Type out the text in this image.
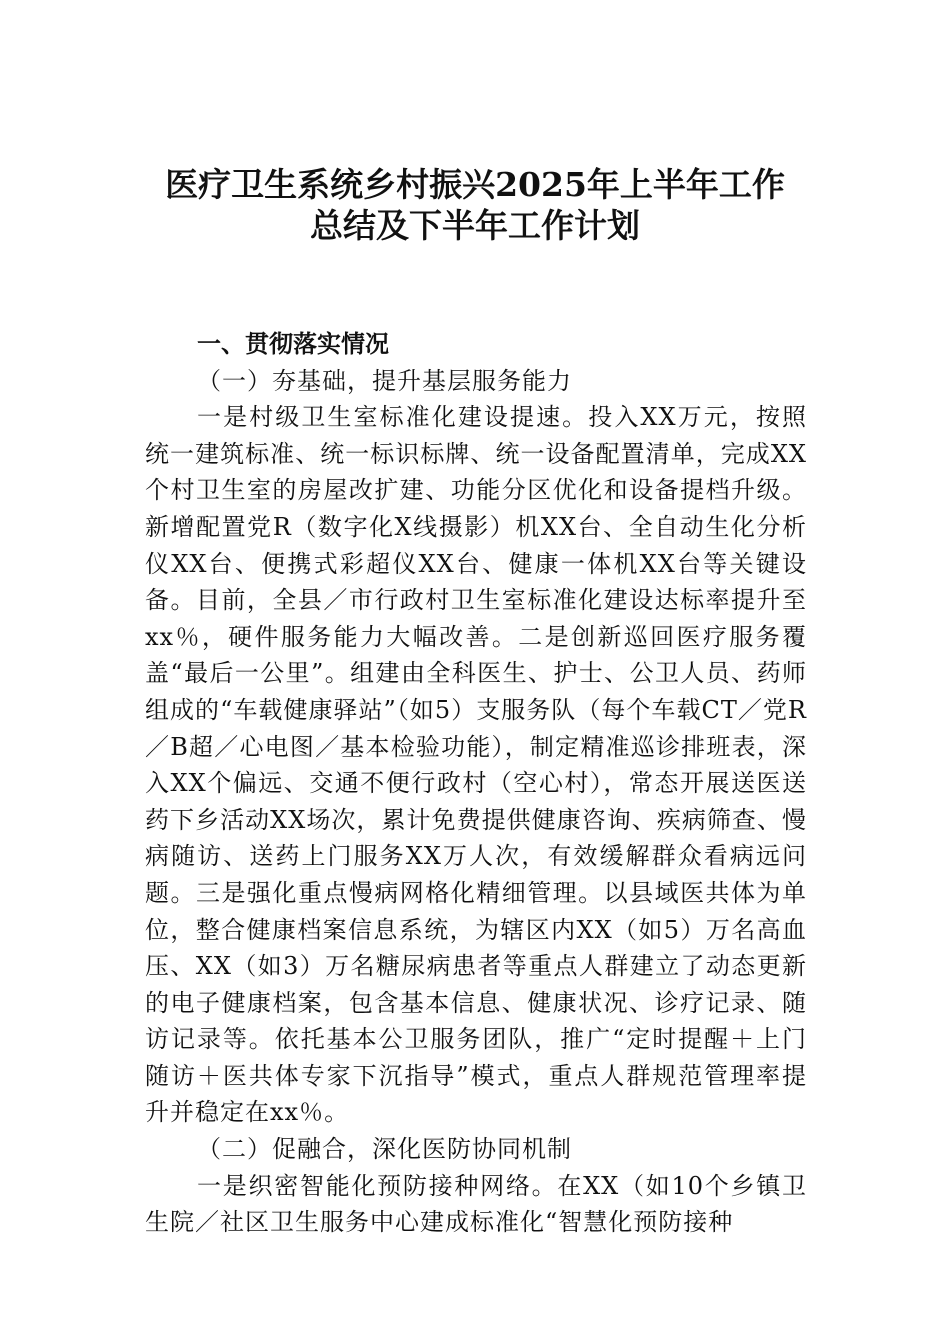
医疗卫生系统乡村振兴2025年上半年工作
总结及下半年工作计划

一、贯彻落实情况

（一）夯基础，提升基层服务能力

一是村级卫生室标准化建设提速。投入XX万元，按照统一建筑标准、统一标识标牌、统一设备配置清单，完成XX个村卫生室的房屋改扩建、功能分区优化和设备提档升级。新增配置党R（数字化X线摄影）机XX台、全自动生化分析仪XX台、便携式彩超仪XX台、健康一体机XX台等关键设备。目前，全县／市行政村卫生室标准化建设达标率提升至xx％，硬件服务能力大幅改善。二是创新巡回医疗服务覆盖“最后一公里”。组建由全科医生、护士、公卫人员、药师组成的“车载健康驿站”（如5）支服务队（每个车载CT／党R／B超／心电图／基本检验功能），制定精准巡诊排班表，深入XX个偏远、交通不便行政村（空心村），常态开展送医送药下乡活动XX场次，累计免费提供健康咨询、疾病筛查、慢病随访、送药上门服务XX万人次，有效缓解群众看病远问题。三是强化重点慢病网格化精细管理。以县域医共体为单位，整合健康档案信息系统，为辖区内XX（如5）万名高血压、XX（如3）万名糖尿病患者等重点人群建立了动态更新的电子健康档案，包含基本信息、健康状况、诊疗记录、随访记录等。依托基本公卫服务团队，推广“定时提醒＋上门随访＋医共体专家下沉指导”模式，重点人群规范管理率提升并稳定在xx％。

（二）促融合，深化医防协同机制

一是织密智能化预防接种网络。在XX（如10个乡镇卫生院／社区卫生服务中心建成标准化“智慧化预防接种
